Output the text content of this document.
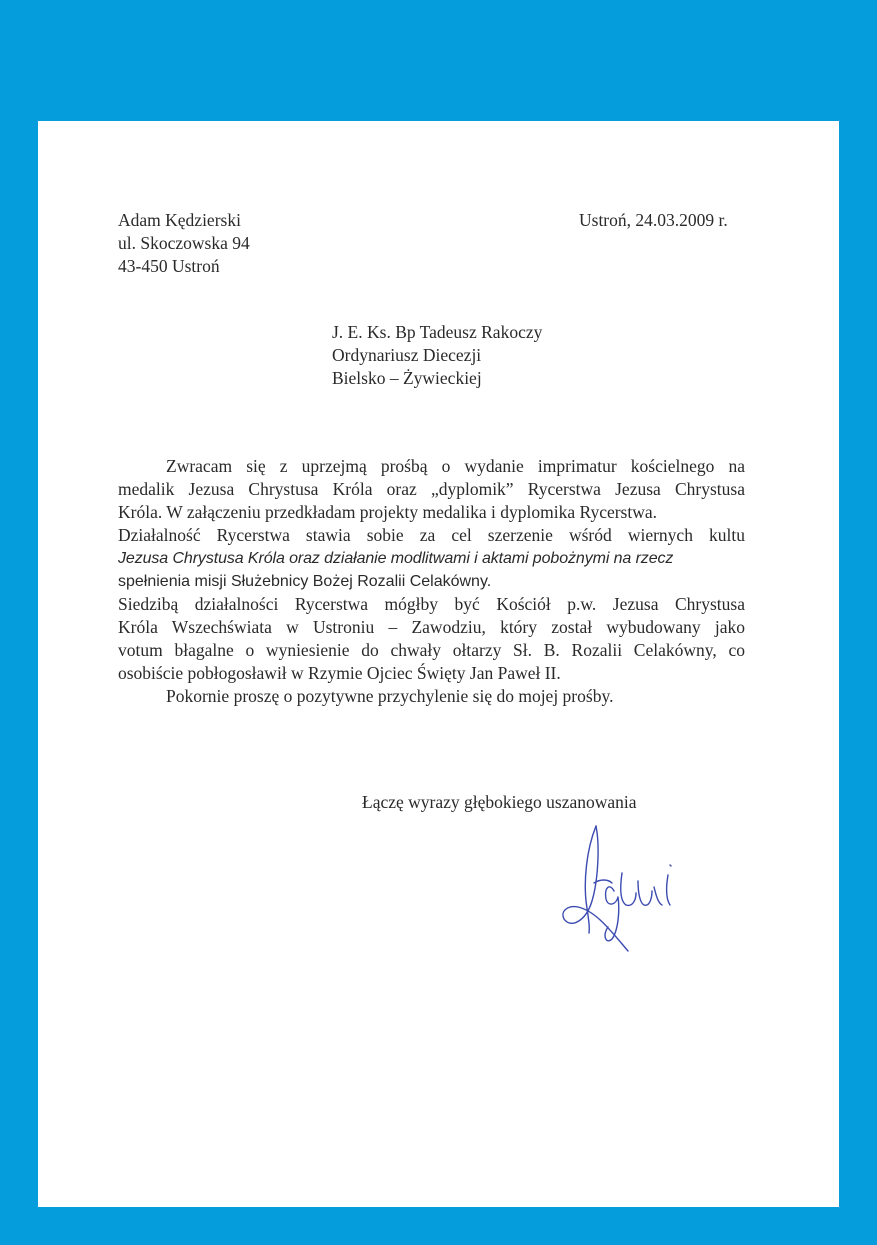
Adam Kędzierski
ul. Skoczowska 94
43-450 Ustroń
Ustroń, 24.03.2009 r.
J. E. Ks. Bp Tadeusz Rakoczy
Ordynariusz Diecezji
Bielsko – Żywieckiej
Zwracam się z uprzejmą prośbą o wydanie imprimatur kościelnego na
medalik Jezusa Chrystusa Króla oraz „dyplomik” Rycerstwa Jezusa Chrystusa
Króla. W załączeniu przedkładam projekty medalika i dyplomika Rycerstwa.
Działalność Rycerstwa stawia sobie za cel szerzenie wśród wiernych kultu
Jezusa Chrystusa Króla oraz działanie modlitwami i aktami pobożnymi na rzecz
spełnienia misji Służebnicy Bożej Rozalii Celakówny.
Siedzibą działalności Rycerstwa mógłby być Kościół p.w. Jezusa Chrystusa
Króla Wszechświata w Ustroniu – Zawodziu, który został wybudowany jako
votum błagalne o wyniesienie do chwały ołtarzy Sł. B. Rozalii Celakówny, co
osobiście pobłogosławił w Rzymie Ojciec Święty Jan Paweł II.
Pokornie proszę o pozytywne przychylenie się do mojej prośby.
Łączę wyrazy głębokiego uszanowania
